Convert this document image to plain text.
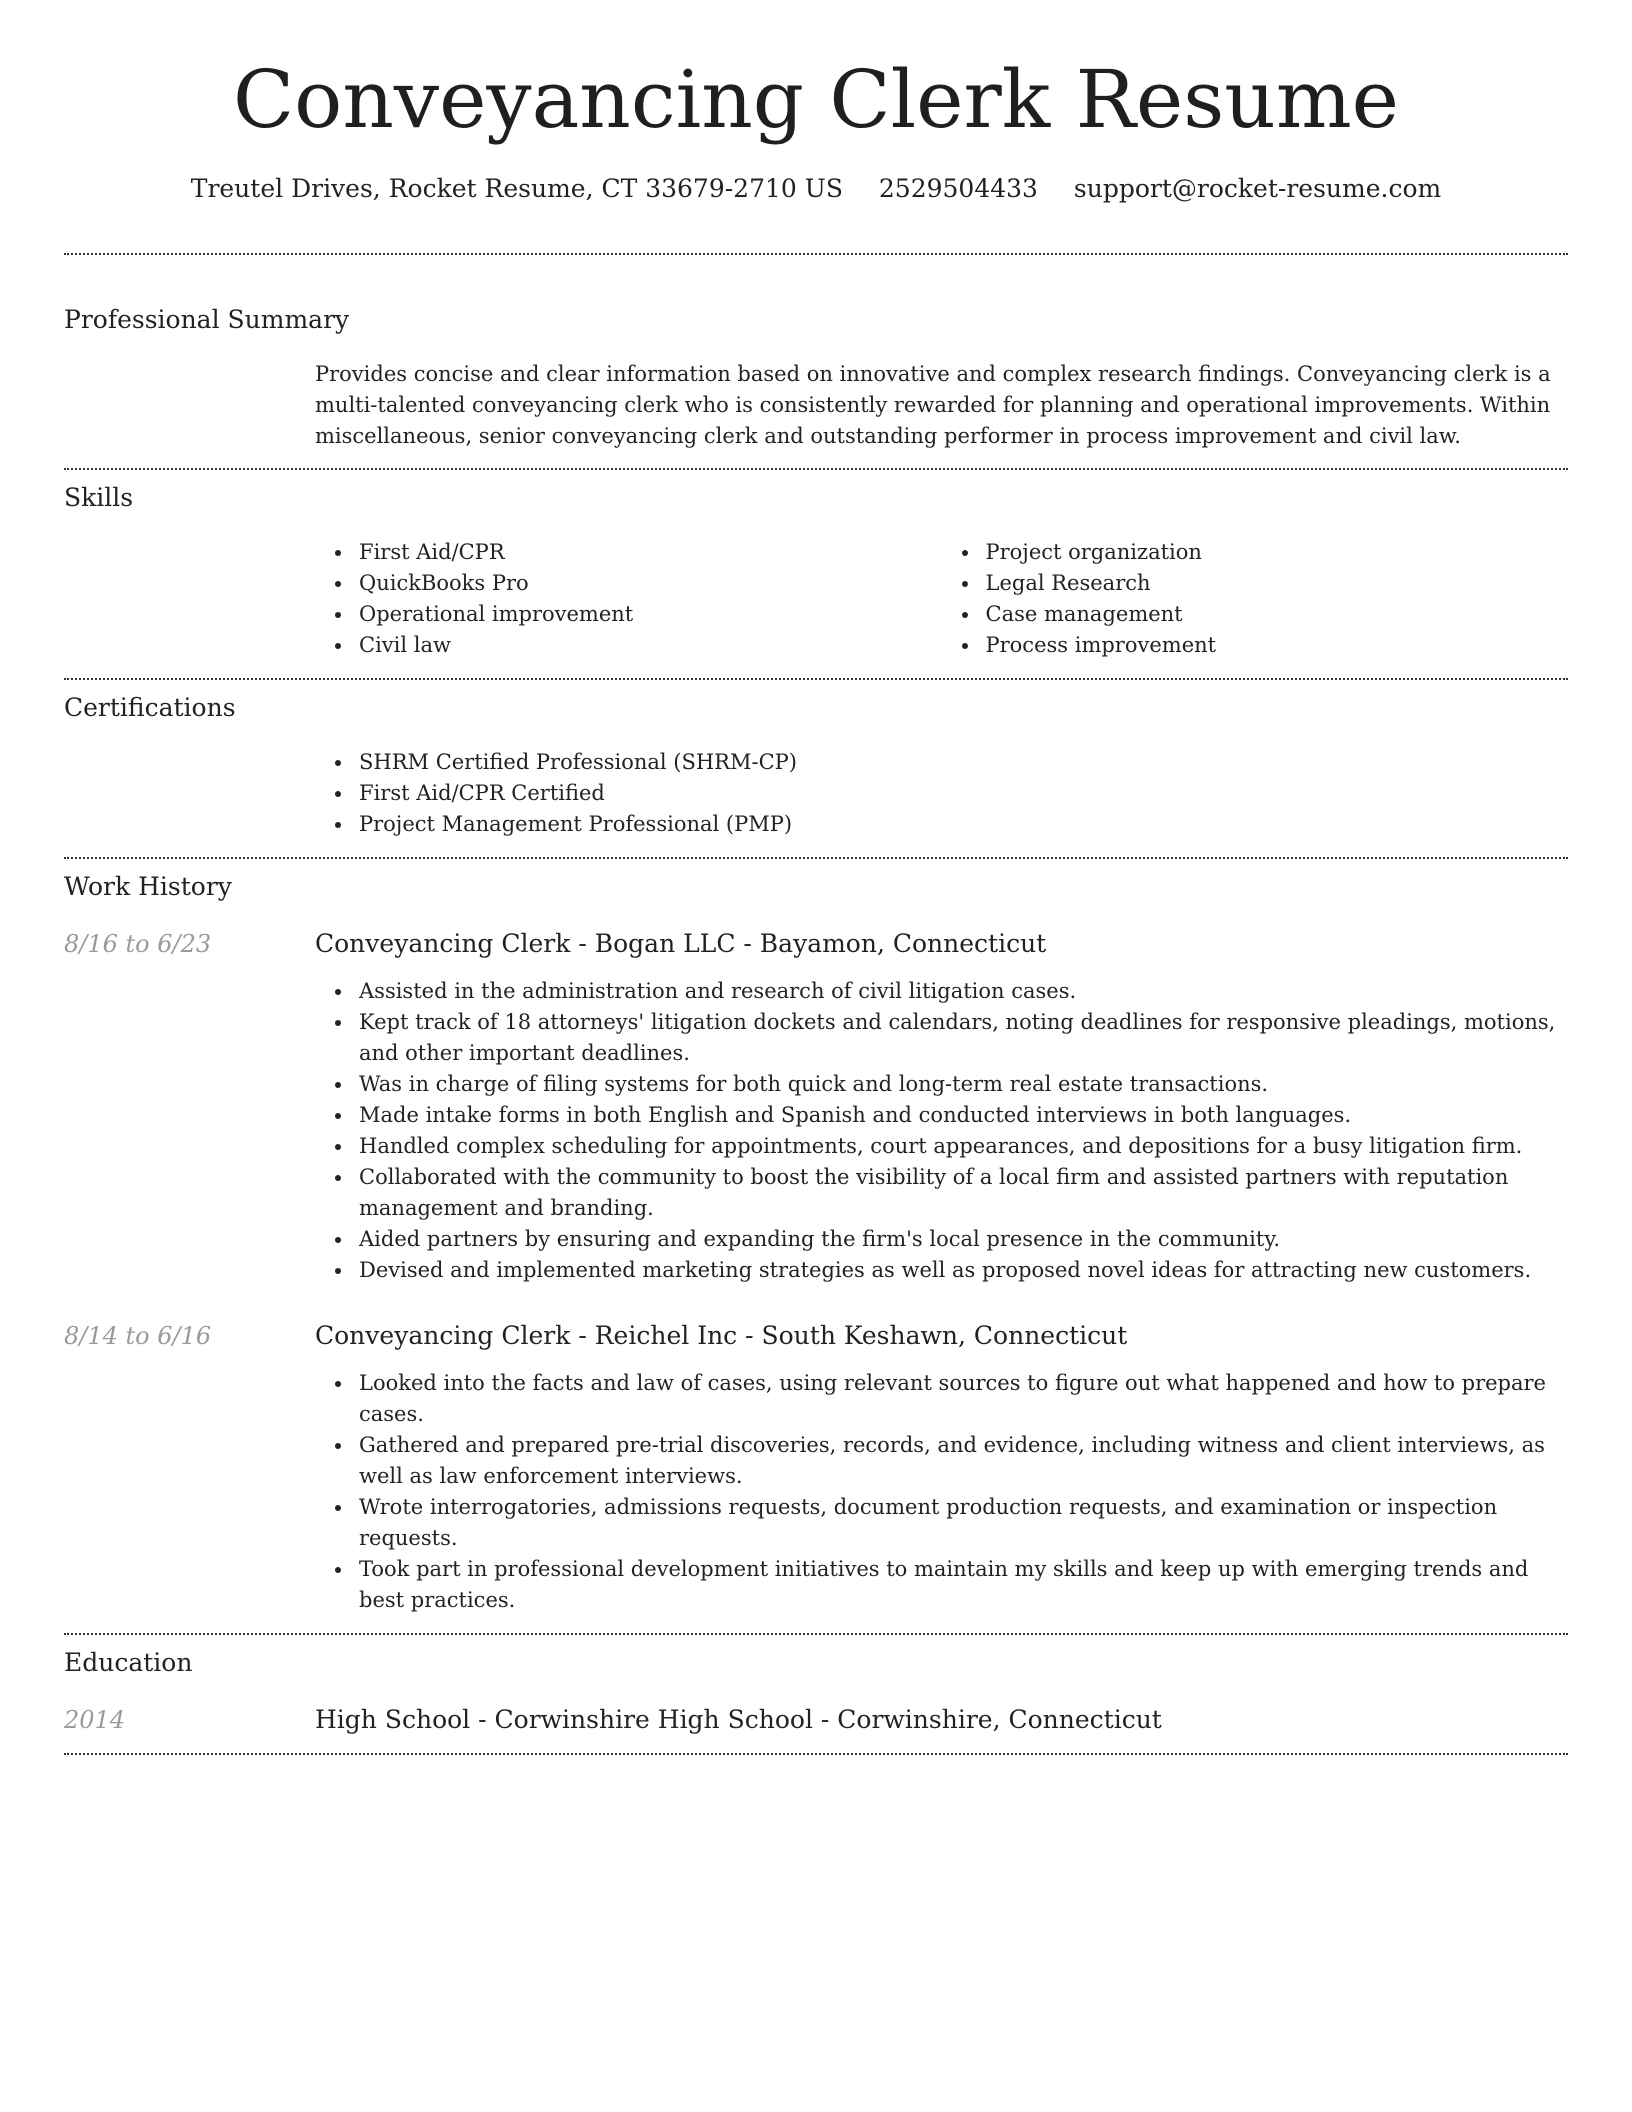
Conveyancing Clerk Resume
Treutel Drives, Rocket Resume, CT 33679-2710 US 2529504433 support@rocket-resume.com
Professional Summary
Provides concise and clear information based on innovative and complex research findings. Conveyancing clerk is a multi-talented conveyancing clerk who is consistently rewarded for planning and operational improvements. Within miscellaneous, senior conveyancing clerk and outstanding performer in process improvement and civil law.
Skills
First Aid/CPR
QuickBooks Pro
Operational improvement
Civil law
Project organization
Legal Research
Case management
Process improvement
Certifications
SHRM Certified Professional (SHRM-CP)
First Aid/CPR Certified
Project Management Professional (PMP)
Work History
8/16 to 6/23	Conveyancing Clerk - Bogan LLC - Bayamon, Connecticut
Assisted in the administration and research of civil litigation cases.
Kept track of 18 attorneys' litigation dockets and calendars, noting deadlines for responsive pleadings, motions, and other important deadlines.
Was in charge of filing systems for both quick and long-term real estate transactions.
Made intake forms in both English and Spanish and conducted interviews in both languages.
Handled complex scheduling for appointments, court appearances, and depositions for a busy litigation firm.
Collaborated with the community to boost the visibility of a local firm and assisted partners with reputation management and branding.
Aided partners by ensuring and expanding the firm's local presence in the community.
Devised and implemented marketing strategies as well as proposed novel ideas for attracting new customers.
8/14 to 6/16	Conveyancing Clerk - Reichel Inc - South Keshawn, Connecticut
Looked into the facts and law of cases, using relevant sources to figure out what happened and how to prepare cases.
Gathered and prepared pre-trial discoveries, records, and evidence, including witness and client interviews, as well as law enforcement interviews.
Wrote interrogatories, admissions requests, document production requests, and examination or inspection requests.
Took part in professional development initiatives to maintain my skills and keep up with emerging trends and best practices.
Education
2014	High School - Corwinshire High School - Corwinshire, Connecticut
